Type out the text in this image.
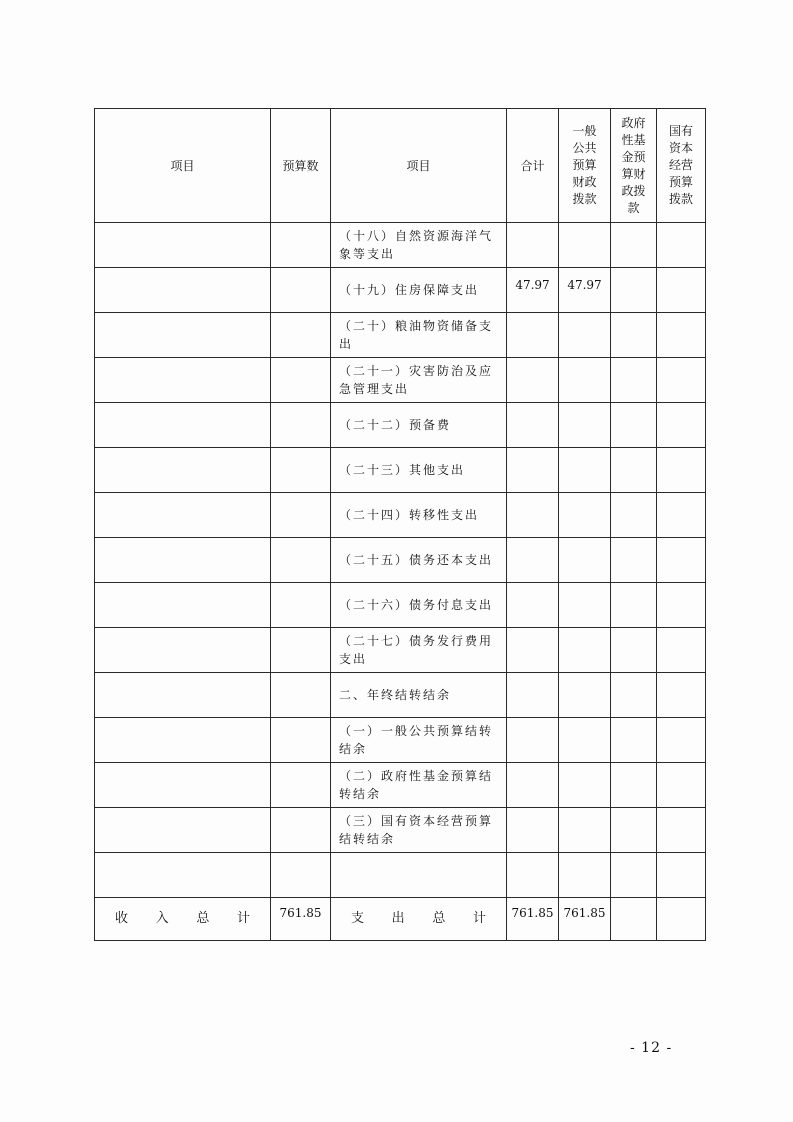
项目	预算数	项目	合计	一般公共预算财政拨款	政府性基金预算财政拨款	国有资本经营预算拨款

		（十八）自然资源海洋气象等支出				
		（十九）住房保障支出	47.97	47.97		
		（二十）粮油物资储备支出				
		（二十一）灾害防治及应急管理支出				
		（二十二）预备费				
		（二十三）其他支出				
		（二十四）转移性支出				
		（二十五）债务还本支出				
		（二十六）债务付息支出				
		（二十七）债务发行费用支出				
		二、年终结转结余				
		（一）一般公共预算结转结余				
		（二）政府性基金预算结转结余				
		（三）国有资本经营预算结转结余				

收 入 总 计	761.85	支 出 总 计	761.85	761.85		
- 12 -
